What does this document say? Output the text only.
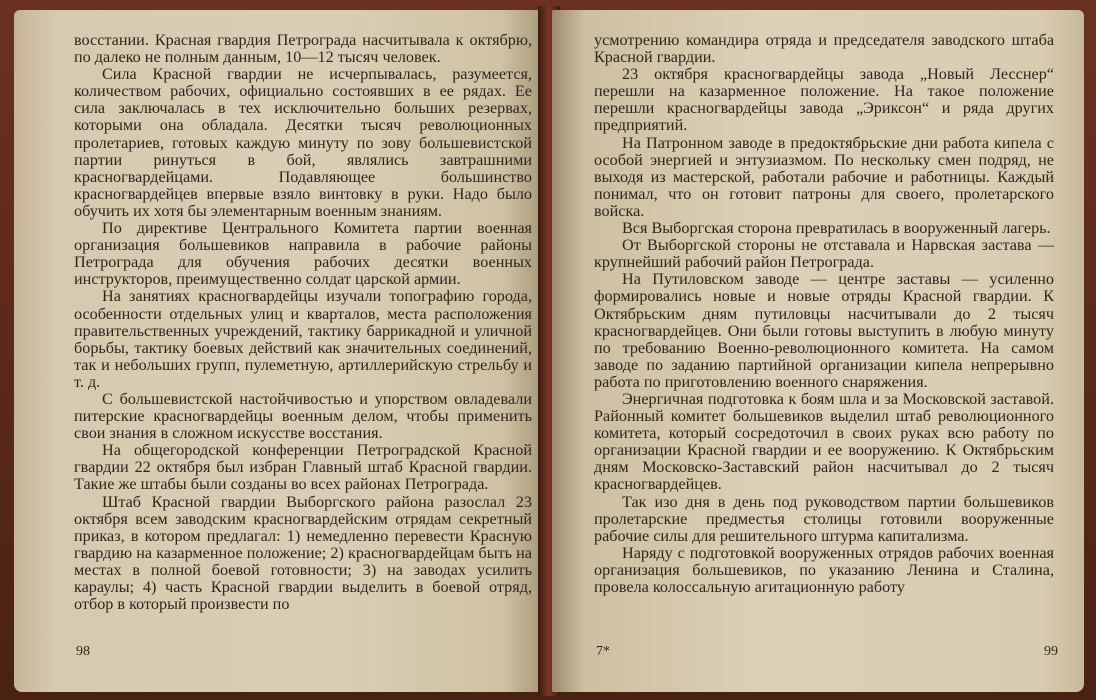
восстании. Красная гвардия Петрограда насчитывала к октябрю, по далеко не полным данным, 10—12 тысяч человек.

Сила Красной гвардии не исчерпывалась, разумеется, количеством рабочих, официально состоявших в ее рядах. Ее сила заключалась в тех исключительно больших резервах, которыми она обладала. Десятки тысяч революционных пролетариев, готовых каждую минуту по зову большевистской партии ринуться в бой, являлись завтрашними красногвардейцами. Подавляющее большинство красногвардейцев впервые взяло винтовку в руки. Надо было обучить их хотя бы элементарным военным знаниям.

По директиве Центрального Комитета партии военная организация большевиков направила в рабочие районы Петрограда для обучения рабочих десятки военных инструкторов, преимущественно солдат царской армии.

На занятиях красногвардейцы изучали топографию города, особенности отдельных улиц и кварталов, места расположения правительственных учреждений, тактику баррикадной и уличной борьбы, тактику боевых действий как значительных соединений, так и небольших групп, пулеметную, артиллерийскую стрельбу и т. д.

С большевистской настойчивостью и упорством овладевали питерские красногвардейцы военным делом, чтобы применить свои знания в сложном искусстве восстания.

На общегородской конференции Петроградской Красной гвардии 22 октября был избран Главный штаб Красной гвардии. Такие же штабы были созданы во всех районах Петрограда.

Штаб Красной гвардии Выборгского района разослал 23 октября всем заводским красногвардейским отрядам секретный приказ, в котором предлагал: 1) немедленно перевести Красную гвардию на казарменное положение; 2) красногвардейцам быть на местах в полной боевой готовности; 3) на заводах усилить караулы; 4) часть Красной гвардии выделить в боевой отряд, отбор в который произвести по

98

усмотрению командира отряда и председателя заводского штаба Красной гвардии.

23 октября красногвардейцы завода „Новый Лесснер“ перешли на казарменное положение. На такое положение перешли красногвардейцы завода „Эриксон“ и ряда других предприятий.

На Патронном заводе в предоктябрьские дни работа кипела с особой энергией и энтузиазмом. По нескольку смен подряд, не выходя из мастерской, работали рабочие и работницы. Каждый понимал, что он готовит патроны для своего, пролетарского войска.

Вся Выборгская сторона превратилась в вооруженный лагерь.

От Выборгской стороны не отставала и Нарвская застава — крупнейший рабочий район Петрограда.

На Путиловском заводе — центре заставы — усиленно формировались новые и новые отряды Красной гвардии. К Октябрьским дням путиловцы насчитывали до 2 тысяч красногвардейцев. Они были готовы выступить в любую минуту по требованию Военно-революционного комитета. На самом заводе по заданию партийной организации кипела непрерывно работа по приготовлению военного снаряжения.

Энергичная подготовка к боям шла и за Московской заставой. Районный комитет большевиков выделил штаб революционного комитета, который сосредоточил в своих руках всю работу по организации Красной гвардии и ее вооружению. К Октябрьским дням Московско-Заставский район насчитывал до 2 тысяч красногвардейцев.

Так изо дня в день под руководством партии большевиков пролетарские предместья столицы готовили вооруженные рабочие силы для решительного штурма капитализма.

Наряду с подготовкой вооруженных отрядов рабочих военная организация большевиков, по указанию Ленина и Сталина, провела колоссальную агитационную работу

7*	99
